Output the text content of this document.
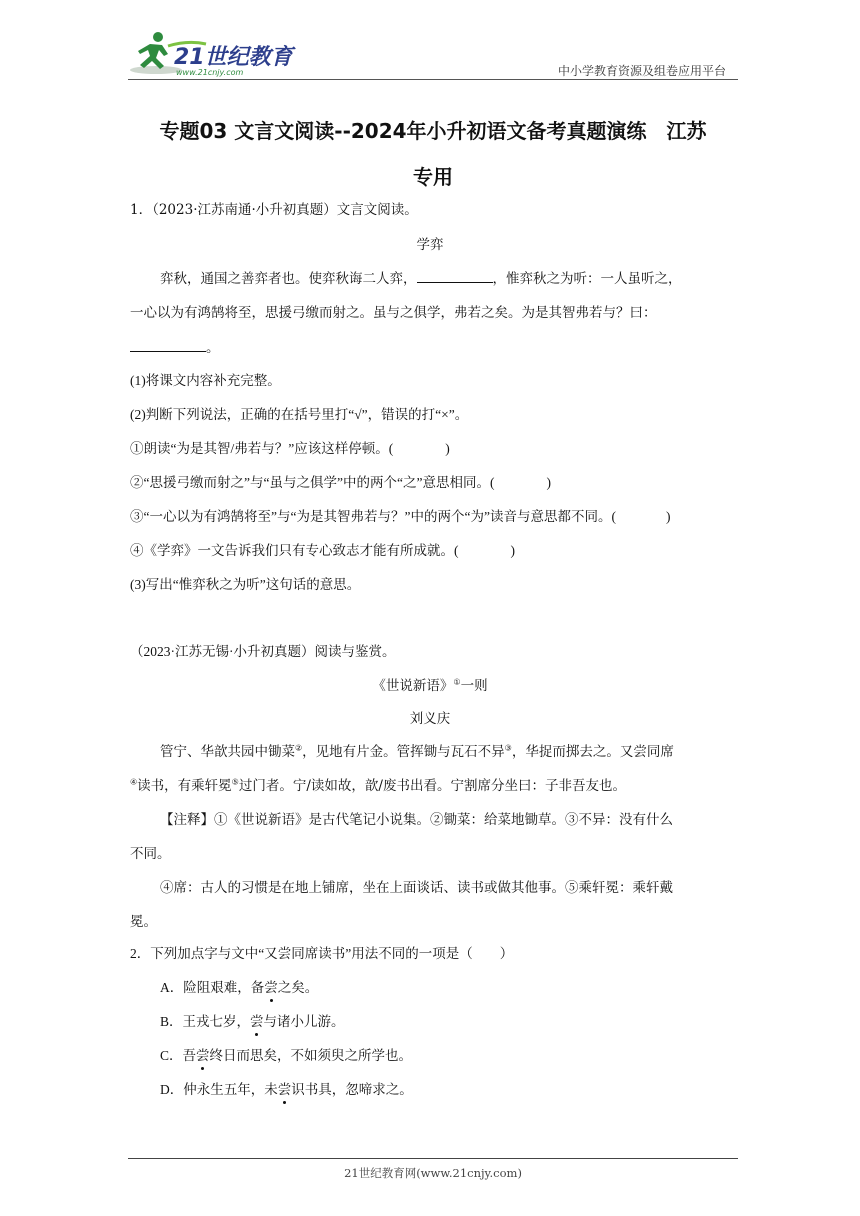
21世纪教育
www.21cnjy.com	中小学教育资源及组卷应用平台
专题03 文言文阅读--2024年小升初语文备考真题演练　江苏
专用
1．（2023·江苏南通·小升初真题）文言文阅读。
学弈
弈秋，通国之善弈者也。使弈秋诲二人弈，	，惟弈秋之为听：一人虽听之，
一心以为有鸿鹄将至，思援弓缴而射之。虽与之俱学，弗若之矣。为是其智弗若与？曰：
。
(1)将课文内容补充完整。
(2)判断下列说法，正确的在括号里打“√”，错误的打“×”。
①朗读“为是其智/弗若与？”应该这样停顿。(	)
②“思援弓缴而射之”与“虽与之俱学”中的两个“之”意思相同。(	)
③“一心以为有鸿鹄将至”与“为是其智弗若与？”中的两个“为”读音与意思都不同。(	)
④《学弈》一文告诉我们只有专心致志才能有所成就。(	)
(3)写出“惟弈秋之为听”这句话的意思。
（2023·江苏无锡·小升初真题）阅读与鉴赏。
《世说新语》①一则
刘义庆
管宁、华歆共园中锄菜②，见地有片金。管挥锄与瓦石不异③，华捉而掷去之。又尝同席
④读书，有乘轩冕⑤过门者。宁/读如故，歆/废书出看。宁割席分坐曰：子非吾友也。
【注释】①《世说新语》是古代笔记小说集。②锄菜：给菜地锄草。③不异：没有什么
不同。
④席：古人的习惯是在地上铺席，坐在上面谈话、读书或做其他事。⑤乘轩冕：乘轩戴
冕。
2．下列加点字与文中“又尝同席读书”用法不同的一项是（　　）
A．险阻艰难，备尝之矣。
B．王戎七岁，尝与诸小儿游。
C．吾尝终日而思矣，不如须臾之所学也。
D．仲永生五年，未尝识书具，忽啼求之。
21世纪教育网(www.21cnjy.com)
